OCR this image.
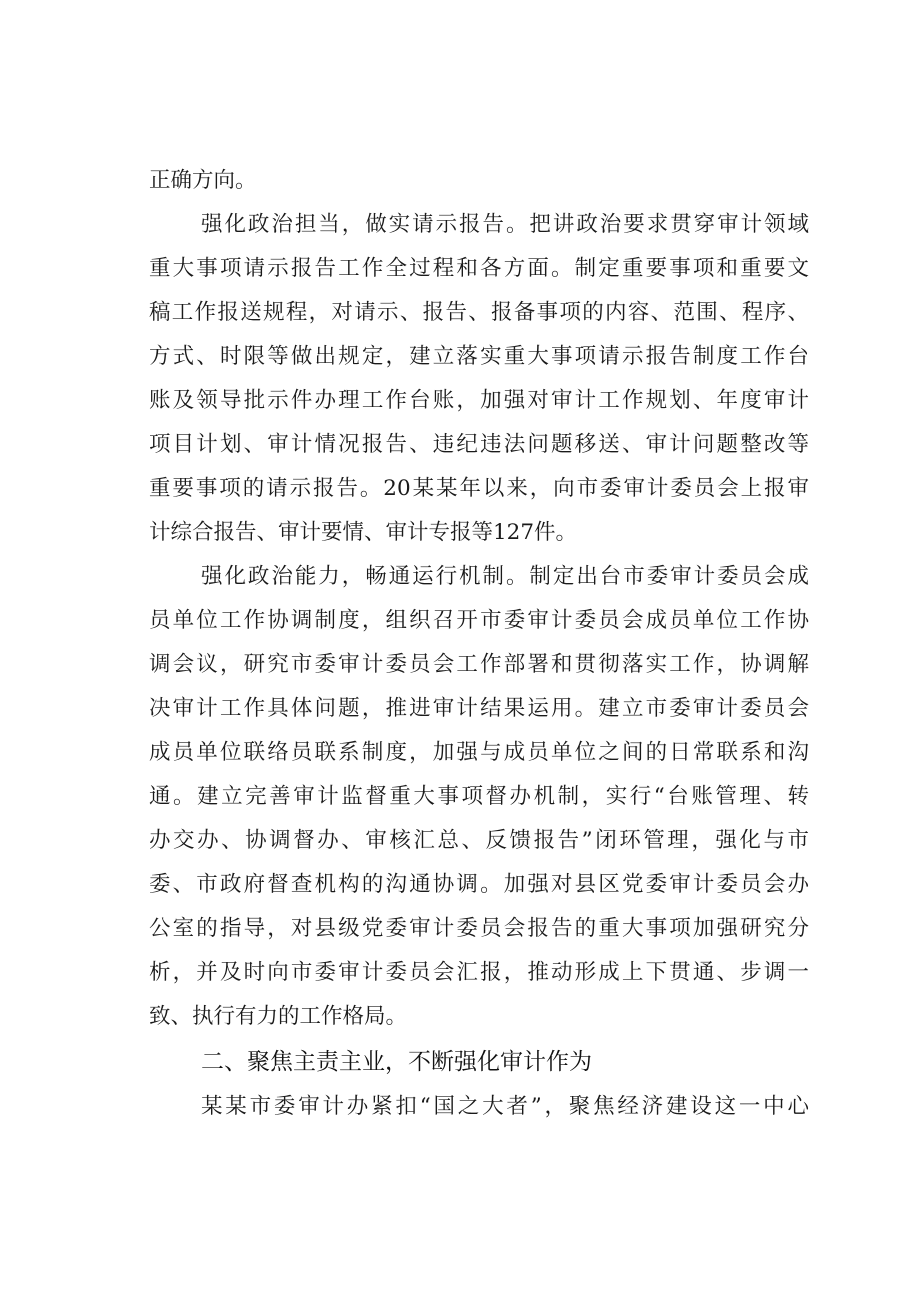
正确方向。
强化政治担当，做实请示报告。把讲政治要求贯穿审计领域
重大事项请示报告工作全过程和各方面。制定重要事项和重要文
稿工作报送规程，对请示、报告、报备事项的内容、范围、程序、
方式、时限等做出规定，建立落实重大事项请示报告制度工作台
账及领导批示件办理工作台账，加强对审计工作规划、年度审计
项目计划、审计情况报告、违纪违法问题移送、审计问题整改等
重要事项的请示报告。20某某年以来，向市委审计委员会上报审
计综合报告、审计要情、审计专报等127件。
强化政治能力，畅通运行机制。制定出台市委审计委员会成
员单位工作协调制度，组织召开市委审计委员会成员单位工作协
调会议，研究市委审计委员会工作部署和贯彻落实工作，协调解
决审计工作具体问题，推进审计结果运用。建立市委审计委员会
成员单位联络员联系制度，加强与成员单位之间的日常联系和沟
通。建立完善审计监督重大事项督办机制，实行“台账管理、转
办交办、协调督办、审核汇总、反馈报告”闭环管理，强化与市
委、市政府督查机构的沟通协调。加强对县区党委审计委员会办
公室的指导，对县级党委审计委员会报告的重大事项加强研究分
析，并及时向市委审计委员会汇报，推动形成上下贯通、步调一
致、执行有力的工作格局。
二、聚焦主责主业，不断强化审计作为
某某市委审计办紧扣“国之大者”，聚焦经济建设这一中心
